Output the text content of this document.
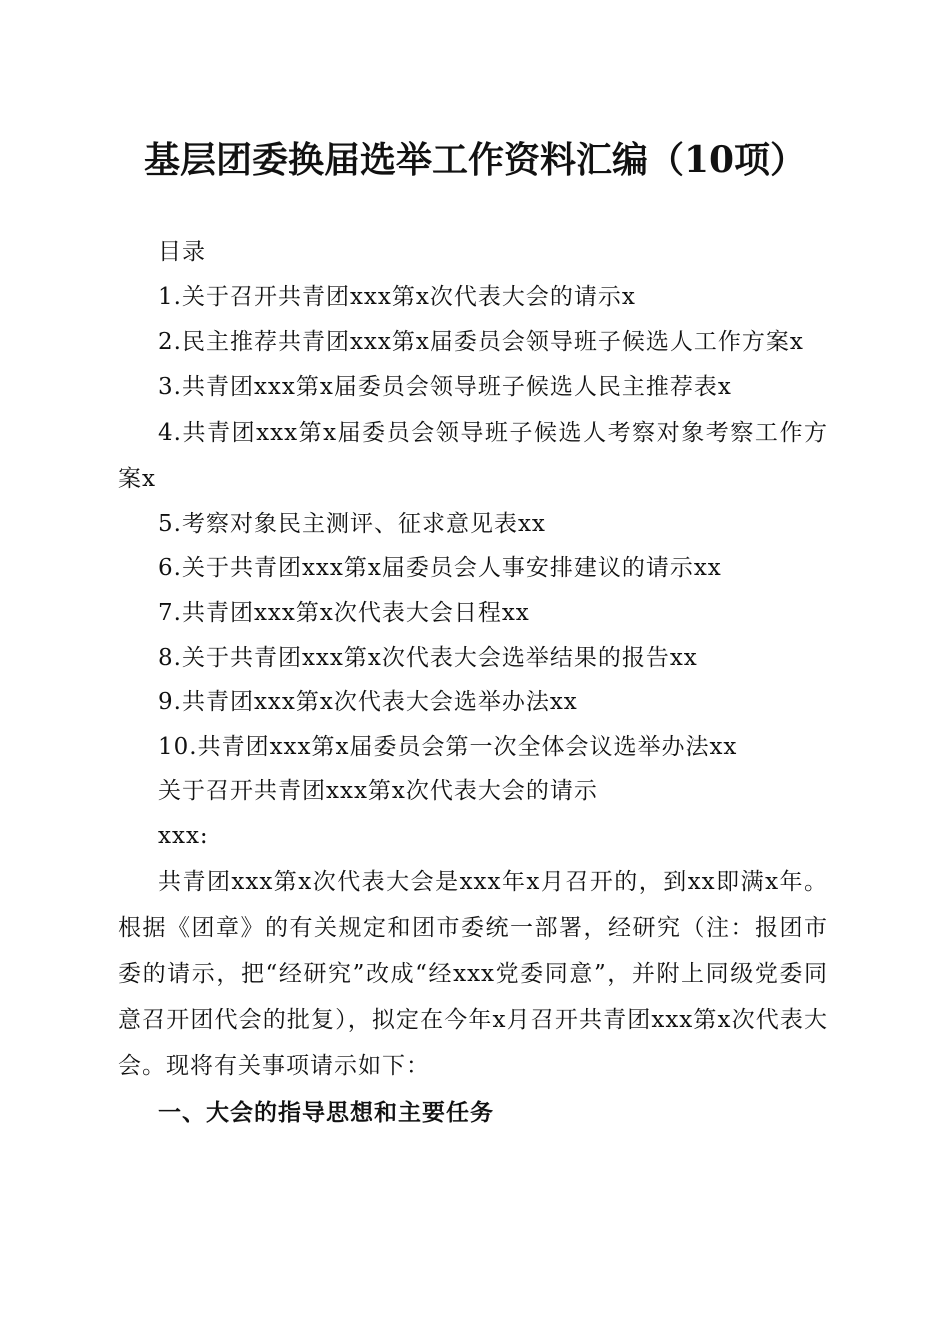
基层团委换届选举工作资料汇编（10项）

目录

1.关于召开共青团xxx第x次代表大会的请示x

2.民主推荐共青团xxx第x届委员会领导班子候选人工作方案x

3.共青团xxx第x届委员会领导班子候选人民主推荐表x

4.共青团xxx第x届委员会领导班子候选人考察对象考察工作方案x

5.考察对象民主测评、征求意见表xx

6.关于共青团xxx第x届委员会人事安排建议的请示xx

7.共青团xxx第x次代表大会日程xx

8.关于共青团xxx第x次代表大会选举结果的报告xx

9.共青团xxx第x次代表大会选举办法xx

10.共青团xxx第x届委员会第一次全体会议选举办法xx

关于召开共青团xxx第x次代表大会的请示

xxx:

共青团xxx第x次代表大会是xxx年x月召开的，到xx即满x年。根据《团章》的有关规定和团市委统一部署，经研究（注：报团市委的请示，把“经研究”改成“经xxx党委同意”，并附上同级党委同意召开团代会的批复），拟定在今年x月召开共青团xxx第x次代表大会。现将有关事项请示如下：

一、大会的指导思想和主要任务
